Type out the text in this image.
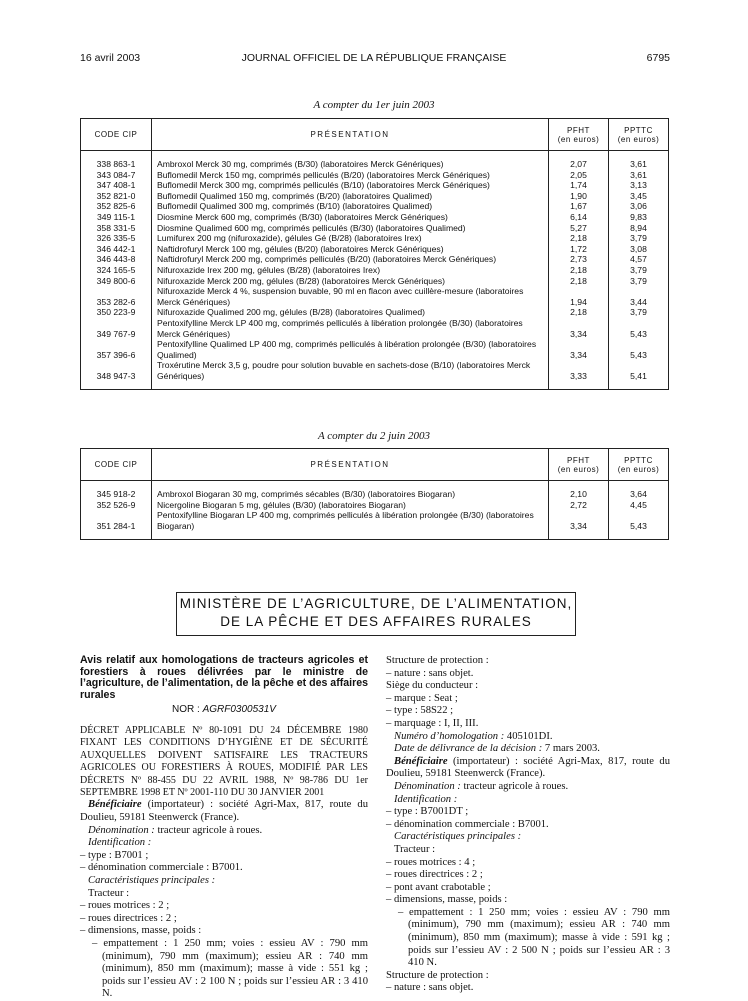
16 avril 2003	JOURNAL OFFICIEL DE LA RÉPUBLIQUE FRANÇAISE	6795
A compter du 1er juin 2003
CODE CIP	PRÉSENTATION	PFHT
(en euros)	PPTTC
(en euros)

338 863-1	Ambroxol Merck 30 mg, comprimés (B/30) (laboratoires Merck Génériques)	2,07	3,61
343 084-7	Buflomedil Merck 150 mg, comprimés pelliculés (B/20) (laboratoires Merck Génériques)	2,05	3,61
347 408-1	Buflomedil Merck 300 mg, comprimés pelliculés (B/10) (laboratoires Merck Génériques)	1,74	3,13
352 821-0	Buflomedil Qualimed 150 mg, comprimés (B/20) (laboratoires Qualimed)	1,90	3,45
352 825-6	Buflomedil Qualimed 300 mg, comprimés (B/10) (laboratoires Qualimed)	1,67	3,06
349 115-1	Diosmine Merck 600 mg, comprimés (B/30) (laboratoires Merck Génériques)	6,14	9,83
358 331-5	Diosmine Qualimed 600 mg, comprimés pelliculés (B/30) (laboratoires Qualimed)	5,27	8,94
326 335-5	Lumifurex 200 mg (nifuroxazide), gélules Gé (B/28) (laboratoires Irex)	2,18	3,79
346 442-1	Naftidrofuryl Merck 100 mg, gélules (B/20) (laboratoires Merck Génériques)	1,72	3,08
346 443-8	Naftidrofuryl Merck 200 mg, comprimés pelliculés (B/20) (laboratoires Merck Génériques)	2,73	4,57
324 165-5	Nifuroxazide Irex 200 mg, gélules (B/28) (laboratoires Irex)	2,18	3,79
349 800-6	Nifuroxazide Merck 200 mg, gélules (B/28) (laboratoires Merck Génériques)	2,18	3,79
353 282-6	Nifuroxazide Merck 4 %, suspension buvable, 90 ml en flacon avec cuillère-mesure (laboratoires Merck Génériques)	1,94	3,44
350 223-9	Nifuroxazide Qualimed 200 mg, gélules (B/28) (laboratoires Qualimed)	2,18	3,79
349 767-9	Pentoxifylline Merck LP 400 mg, comprimés pelliculés à libération prolongée (B/30) (laboratoires Merck Génériques)	3,34	5,43
357 396-6	Pentoxifylline Qualimed LP 400 mg, comprimés pelliculés à libération prolongée (B/30) (laboratoires Qualimed)	3,34	5,43
348 947-3	Troxérutine Merck 3,5 g, poudre pour solution buvable en sachets-dose (B/10) (laboratoires Merck Génériques)	3,33	5,41

A compter du 2 juin 2003
CODE CIP	PRÉSENTATION	PFHT
(en euros)	PPTTC
(en euros)

345 918-2	Ambroxol Biogaran 30 mg, comprimés sécables (B/30) (laboratoires Biogaran)	2,10	3,64
352 526-9	Nicergoline Biogaran 5 mg, gélules (B/30) (laboratoires Biogaran)	2,72	4,45
351 284-1	Pentoxifylline Biogaran LP 400 mg, comprimés pelliculés à libération prolongée (B/30) (laboratoires Biogaran)	3,34	5,43

MINISTÈRE DE L’AGRICULTURE, DE L’ALIMENTATION,
DE LA PÊCHE ET DES AFFAIRES RURALES

Avis relatif aux homologations de tracteurs agricoles et forestiers à roues délivrées par le ministre de l’agriculture, de l’alimentation, de la pêche et des affaires rurales

NOR : AGRF0300531V

DÉCRET APPLICABLE Nº 80-1091 DU 24 DÉCEMBRE 1980 FIXANT LES CONDITIONS D’HYGIÈNE ET DE SÉCURITÉ AUXQUELLES DOIVENT SATISFAIRE LES TRACTEURS AGRICOLES OU FORESTIERS À ROUES, MODIFIÉ PAR LES DÉCRETS Nº 88-455 DU 22 AVRIL 1988, Nº 98-786 DU 1er SEPTEMBRE 1998 ET Nº 2001-110 DU 30 JANVIER 2001

Bénéficiaire (importateur) : société Agri-Max, 817, route du Doulieu, 59181 Steenwerck (France).

Dénomination : tracteur agricole à roues.

Identification :

– type : B7001 ;

– dénomination commerciale : B7001.

Caractéristiques principales :

Tracteur :

– roues motrices : 2 ;

– roues directrices : 2 ;

– dimensions, masse, poids :

– empattement : 1 250 mm; voies : essieu AV : 790 mm (minimum), 790 mm (maximum); essieu AR : 740 mm (minimum), 850 mm (maximum); masse à vide : 551 kg ; poids sur l’essieu AV : 2 100 N ; poids sur l’essieu AR : 3 410 N.

Structure de protection :

– nature : sans objet.

Siège du conducteur :

– marque : Seat ;

– type : 58S22 ;

– marquage : I, II, III.

Numéro d’homologation : 405101DI.

Date de délivrance de la décision : 7 mars 2003.

Bénéficiaire (importateur) : société Agri-Max, 817, route du Doulieu, 59181 Steenwerck (France).

Dénomination : tracteur agricole à roues.

Identification :

– type : B7001DT ;

– dénomination commerciale : B7001.

Caractéristiques principales :

Tracteur :

– roues motrices : 4 ;

– roues directrices : 2 ;

– pont avant crabotable ;

– dimensions, masse, poids :

– empattement : 1 250 mm; voies : essieu AV : 790 mm (minimum), 790 mm (maximum); essieu AR : 740 mm (minimum), 850 mm (maximum); masse à vide : 591 kg ; poids sur l’essieu AV : 2 500 N ; poids sur l’essieu AR : 3 410 N.

Structure de protection :

– nature : sans objet.
